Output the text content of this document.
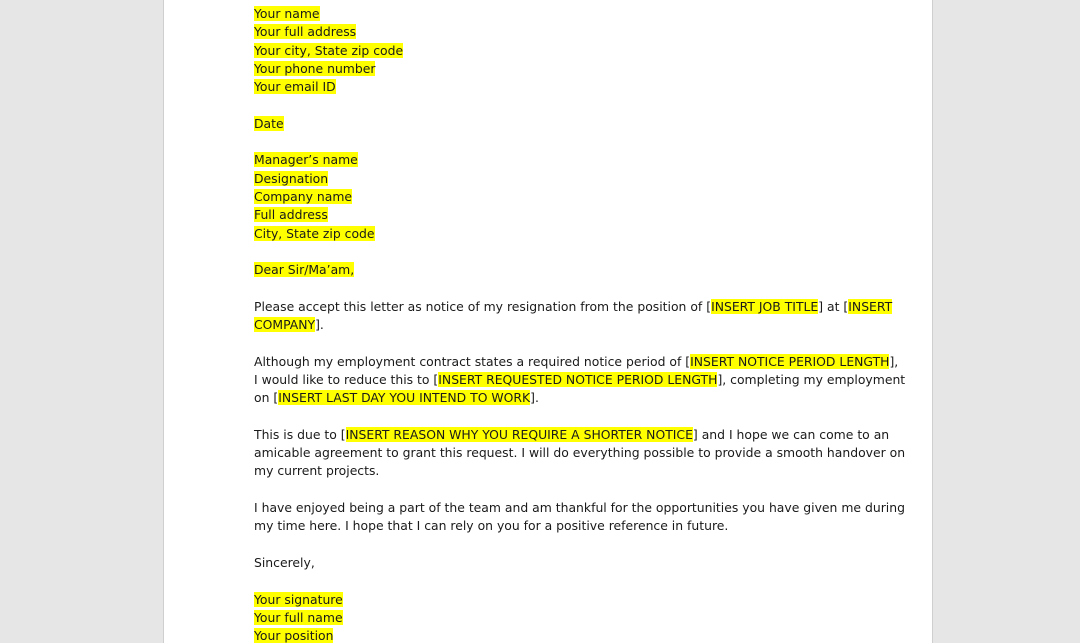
Your name
Your full address
Your city, State zip code
Your phone number
Your email ID
Date
Manager’s name
Designation
Company name
Full address
City, State zip code
Dear Sir/Ma’am,
Please accept this letter as notice of my resignation from the position of [INSERT JOB TITLE] at [INSERT
COMPANY].
Although my employment contract states a required notice period of [INSERT NOTICE PERIOD LENGTH],
I would like to reduce this to [INSERT REQUESTED NOTICE PERIOD LENGTH], completing my employment
on [INSERT LAST DAY YOU INTEND TO WORK].
This is due to [INSERT REASON WHY YOU REQUIRE A SHORTER NOTICE] and I hope we can come to an
amicable agreement to grant this request. I will do everything possible to provide a smooth handover on
my current projects.
I have enjoyed being a part of the team and am thankful for the opportunities you have given me during
my time here. I hope that I can rely on you for a positive reference in future.
Sincerely,
Your signature
Your full name
Your position
